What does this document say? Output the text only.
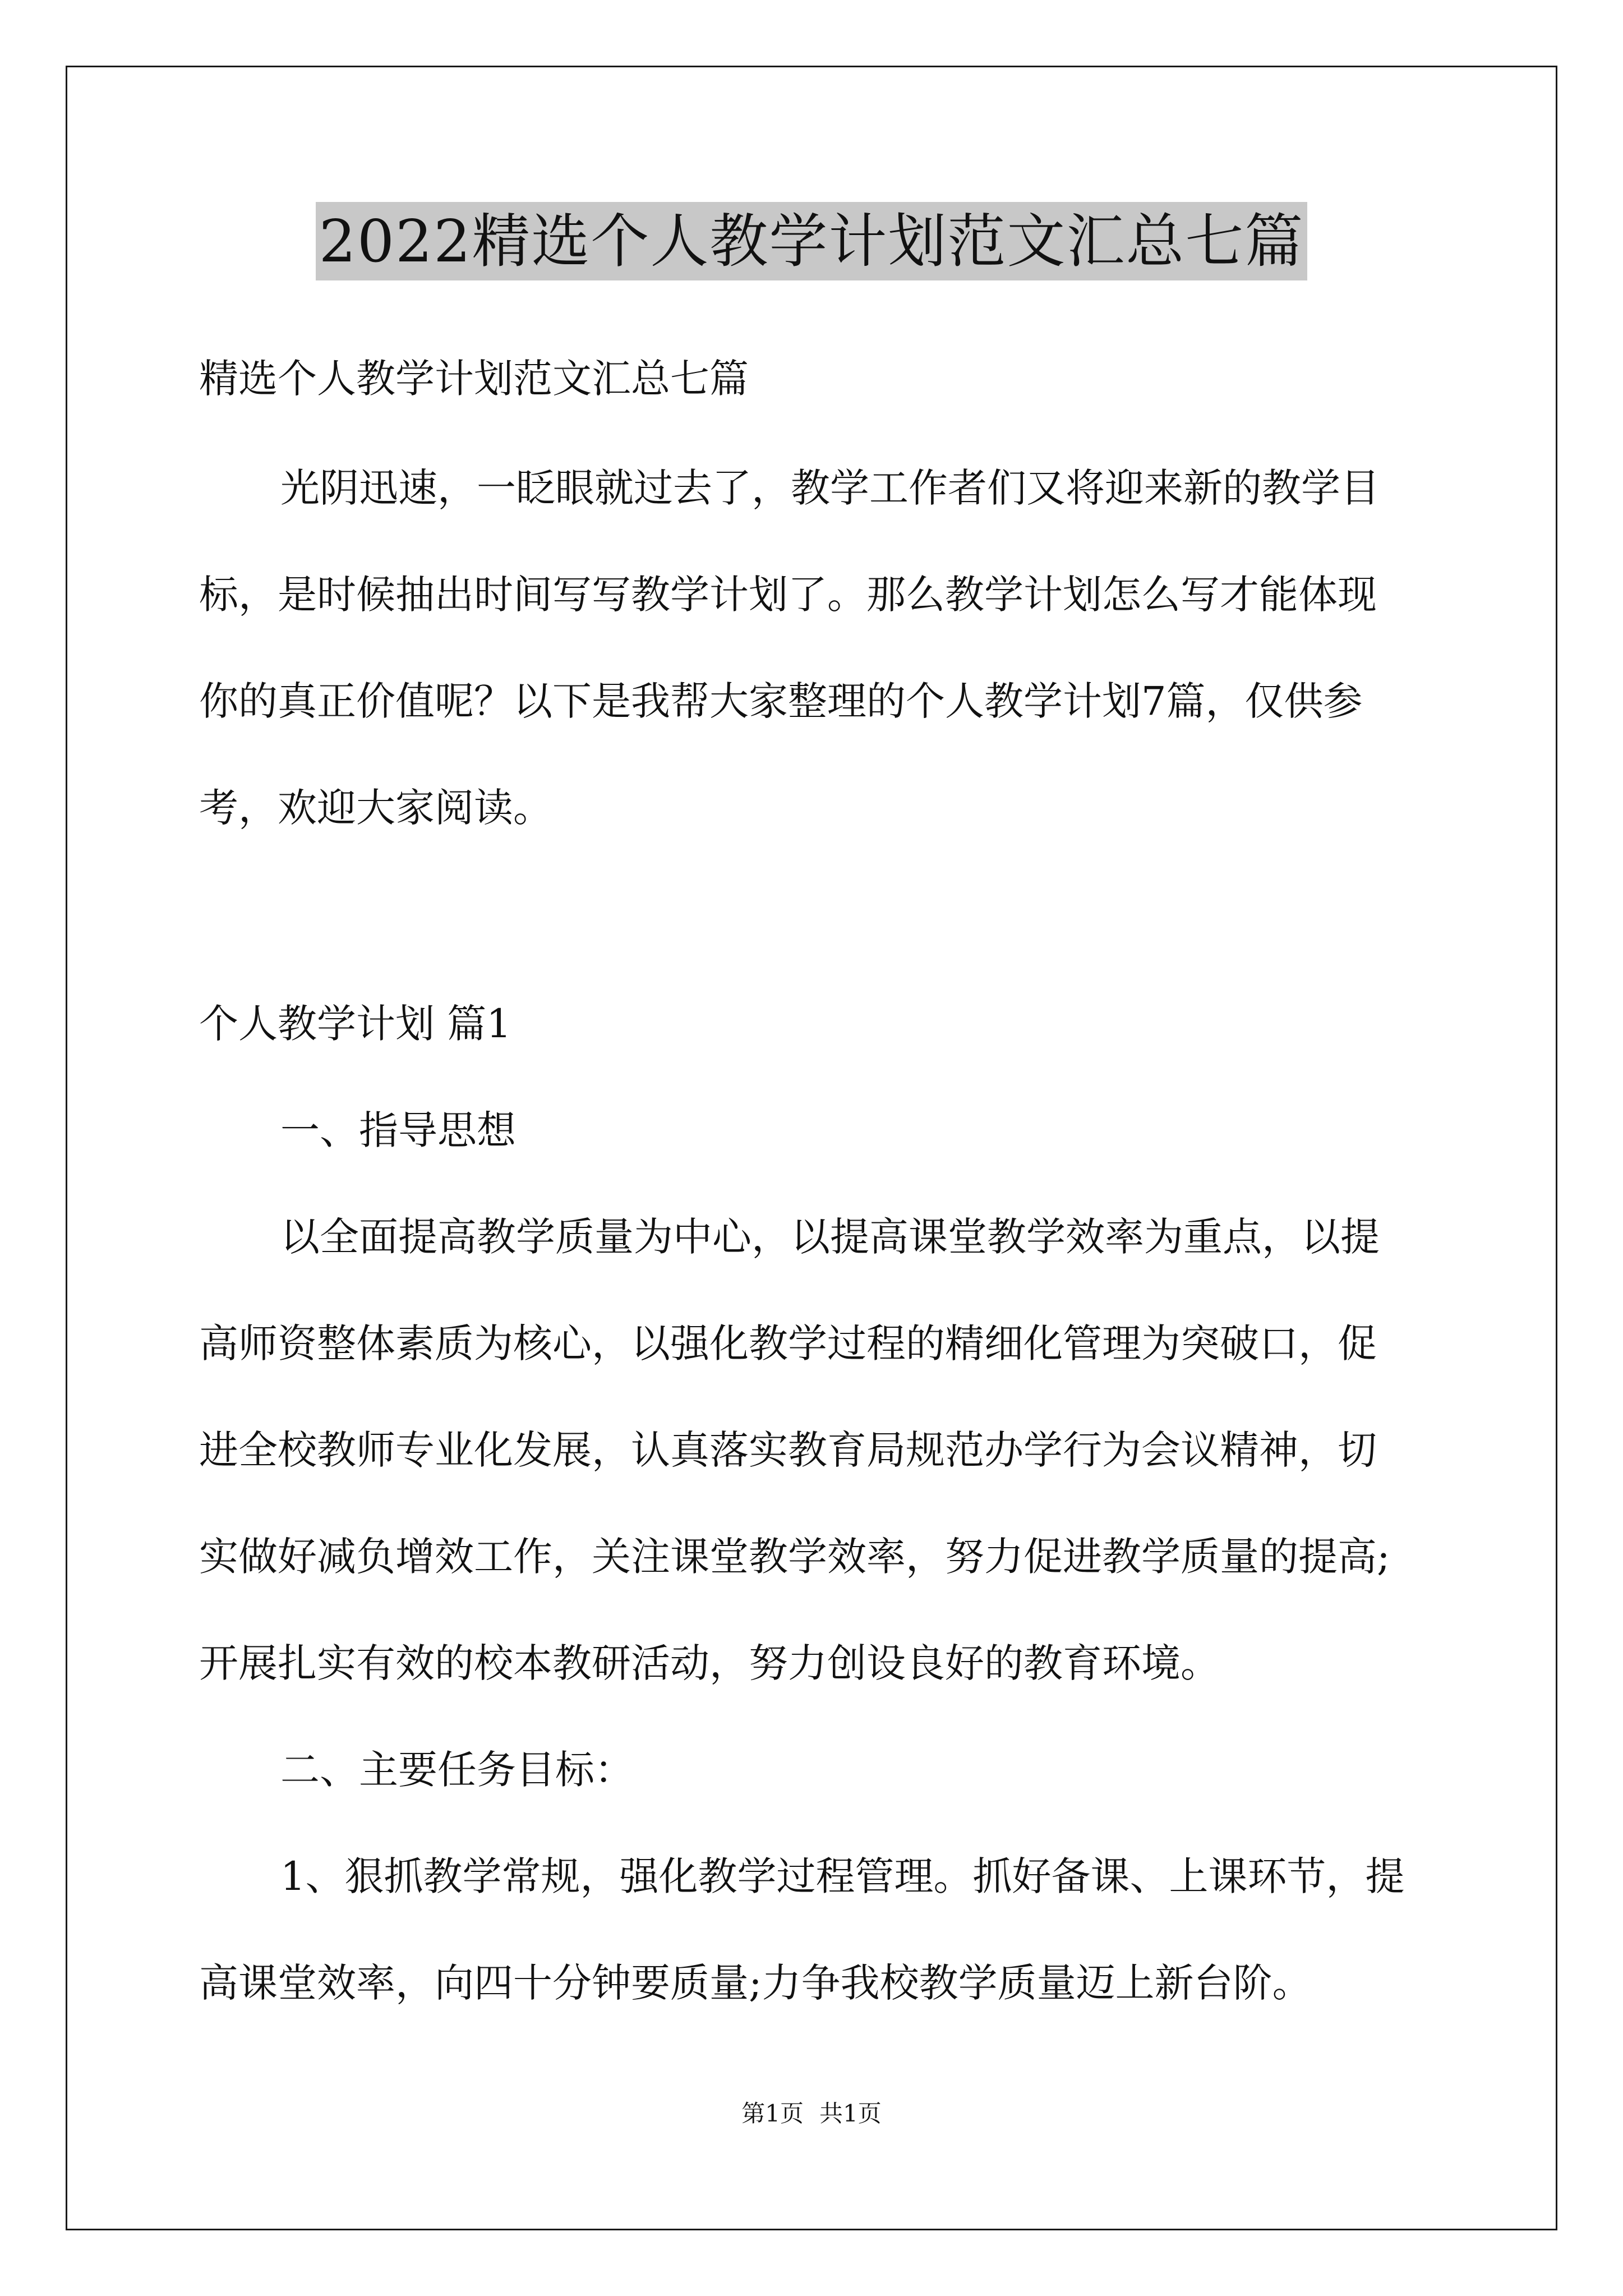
2022精选个人教学计划范文汇总七篇
精选个人教学计划范文汇总七篇
光阴迅速，一眨眼就过去了，教学工作者们又将迎来新的教学目
标，是时候抽出时间写写教学计划了。那么教学计划怎么写才能体现
你的真正价值呢？以下是我帮大家整理的个人教学计划7篇，仅供参
考，欢迎大家阅读。
个人教学计划 篇1
一、指导思想
以全面提高教学质量为中心，以提高课堂教学效率为重点，以提
高师资整体素质为核心，以强化教学过程的精细化管理为突破口，促
进全校教师专业化发展，认真落实教育局规范办学行为会议精神，切
实做好减负增效工作，关注课堂教学效率，努力促进教学质量的提高;
开展扎实有效的校本教研活动，努力创设良好的教育环境。
二、主要任务目标：
1、狠抓教学常规，强化教学过程管理。抓好备课、上课环节，提
高课堂效率，向四十分钟要质量;力争我校教学质量迈上新台阶。
第1页 共1页
